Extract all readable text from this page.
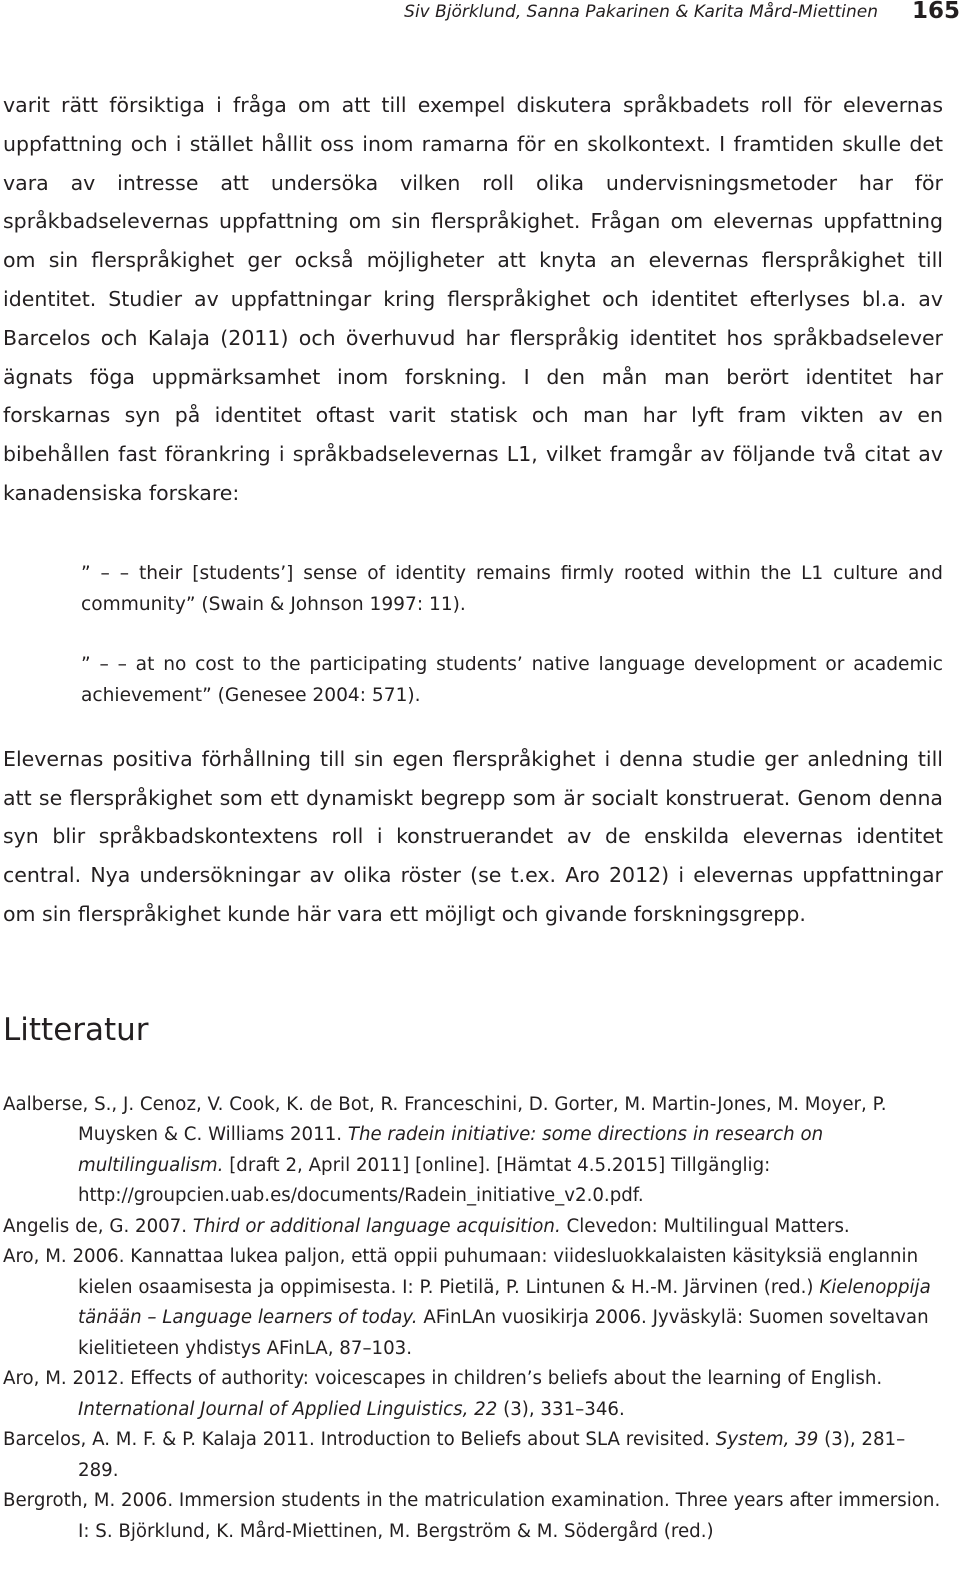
Siv Björklund, Sanna Pakarinen & Karita Mård-Miettinen 165

varit rätt försiktiga i fråga om att till exempel diskutera språkbadets roll för elevernas uppfattning och i stället hållit oss inom ramarna för en skolkontext. I framtiden skulle det vara av intresse att undersöka vilken roll olika undervisningsmetoder har för språkbadselevernas uppfattning om sin flerspråkighet. Frågan om elevernas uppfattning om sin flerspråkighet ger också möjligheter att knyta an elevernas flerspråkighet till identitet. Studier av uppfattningar kring flerspråkighet och identitet efterlyses bl.a. av Barcelos och Kalaja (2011) och överhuvud har flerspråkig identitet hos språkbadselever ägnats föga uppmärksamhet inom forskning. I den mån man berört identitet har forskarnas syn på identitet oftast varit statisk och man har lyft fram vikten av en bibehållen fast förankring i språkbadselevernas L1, vilket framgår av följande två citat av kanadensiska forskare:

” – – their [students’] sense of identity remains firmly rooted within the L1 culture and community” (Swain & Johnson 1997: 11).

” – – at no cost to the participating students’ native language development or academic achievement” (Genesee 2004: 571).

Elevernas positiva förhållning till sin egen flerspråkighet i denna studie ger anledning till att se flerspråkighet som ett dynamiskt begrepp som är socialt konstruerat. Genom denna syn blir språkbadskontextens roll i konstruerandet av de enskilda elevernas identitet central. Nya undersökningar av olika röster (se t.ex. Aro 2012) i elevernas uppfattningar om sin flerspråkighet kunde här vara ett möjligt och givande forskningsgrepp.

Litteratur

Aalberse, S., J. Cenoz, V. Cook, K. de Bot, R. Franceschini, D. Gorter, M. Martin-Jones, M. Moyer, P. Muysken & C. Williams 2011. The radein initiative: some directions in research on multilingualism. [draft 2, April 2011] [online]. [Hämtat 4.5.2015] Tillgänglig: http://groupcien.uab.es/documents/Radein_initiative_v2.0.pdf.

Angelis de, G. 2007. Third or additional language acquisition. Clevedon: Multilingual Matters.

Aro, M. 2006. Kannattaa lukea paljon, että oppii puhumaan: viidesluokkalaisten käsityksiä englannin kielen osaamisesta ja oppimisesta. I: P. Pietilä, P. Lintunen & H.-M. Järvinen (red.) Kielenoppija tänään – Language learners of today. AFinLAn vuosikirja 2006. Jyväskylä: Suomen soveltavan kielitieteen yhdistys AFinLA, 87–103.

Aro, M. 2012. Effects of authority: voicescapes in children’s beliefs about the learning of English. International Journal of Applied Linguistics, 22 (3), 331–346.

Barcelos, A. M. F. & P. Kalaja 2011. Introduction to Beliefs about SLA revisited. System, 39 (3), 281–289.

Bergroth, M. 2006. Immersion students in the matriculation examination. Three years after immersion. I: S. Björklund, K. Mård-Miettinen, M. Bergström & M. Södergård (red.)
